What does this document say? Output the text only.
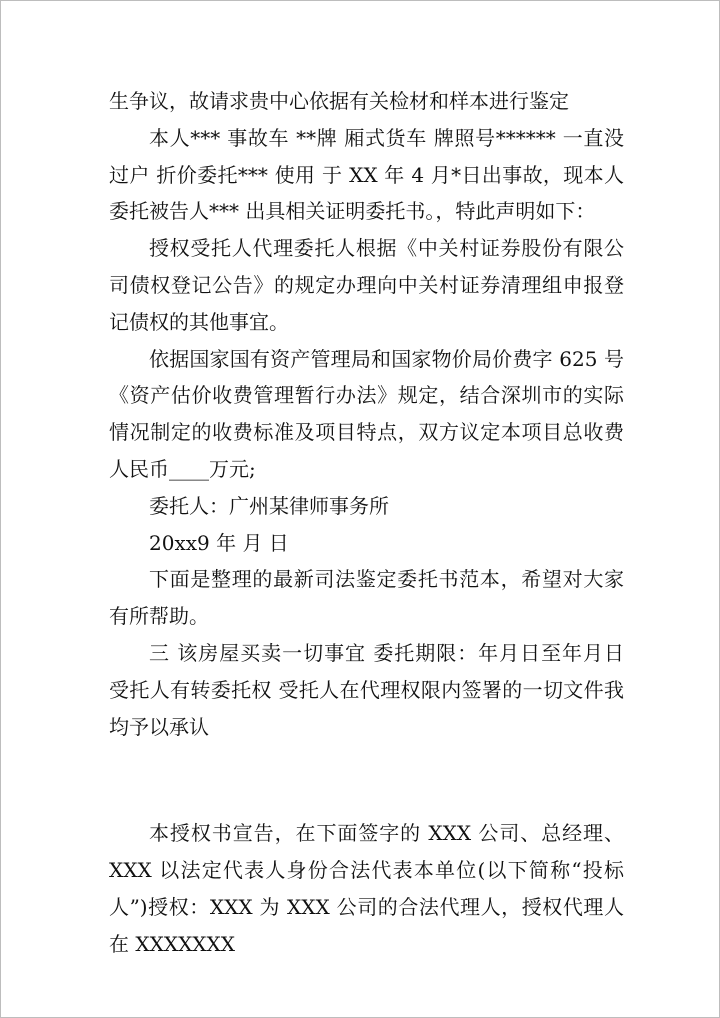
生争议，故请求贵中心依据有关检材和样本进行鉴定

本人*** 事故车 **牌 厢式货车 牌照号****** 一直没过户 折价委托*** 使用 于 XX 年 4 月*日出事故，现本人委托被告人*** 出具相关证明委托书。，特此声明如下：

授权受托人代理委托人根据《中关村证券股份有限公司债权登记公告》的规定办理向中关村证券清理组申报登记债权的其他事宜。

依据国家国有资产管理局和国家物价局价费字 625 号《资产估价收费管理暂行办法》规定，结合深圳市的实际情况制定的收费标准及项目特点，双方议定本项目总收费人民币____万元;

委托人：广州某律师事务所

20xx9 年 月 日

下面是整理的最新司法鉴定委托书范本，希望对大家有所帮助。

三 该房屋买卖一切事宜 委托期限：年月日至年月日 受托人有转委托权 受托人在代理权限内签署的一切文件我均予以承认

本授权书宣告，在下面签字的 XXX 公司、总经理、XXX 以法定代表人身份合法代表本单位(以下简称“投标人”)授权：XXX 为 XXX 公司的合法代理人，授权代理人在 XXXXXXX
